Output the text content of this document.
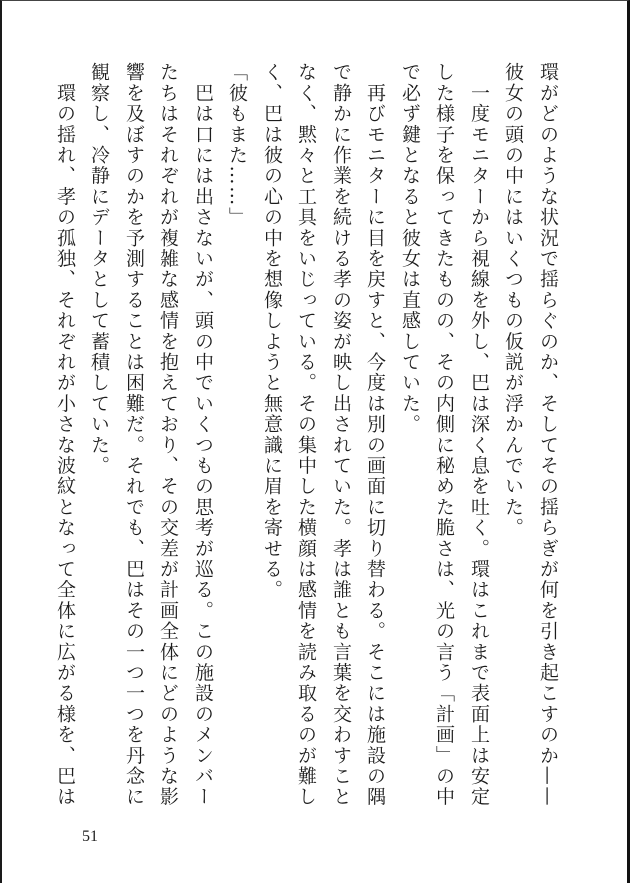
環がどのような状況で揺らぐのか、そしてその揺らぎが何を引き起こすのか——
彼女の頭の中にはいくつもの仮説が浮かんでいた。
　一度モニターから視線を外し、巴は深く息を吐く。環はこれまで表面上は安定
した様子を保ってきたものの、その内側に秘めた脆さは、光の言う「計画」の中
で必ず鍵となると彼女は直感していた。
　再びモニターに目を戻すと、今度は別の画面に切り替わる。そこには施設の隅
で静かに作業を続ける孝の姿が映し出されていた。孝は誰とも言葉を交わすこと
なく、黙々と工具をいじっている。その集中した横顔は感情を読み取るのが難し
く、巴は彼の心の中を想像しようと無意識に眉を寄せる。
「彼もまた……」
　巴は口には出さないが、頭の中でいくつもの思考が巡る。この施設のメンバー
たちはそれぞれが複雑な感情を抱えており、その交差が計画全体にどのような影
響を及ぼすのかを予測することは困難だ。それでも、巴はその一つ一つを丹念に
観察し、冷静にデータとして蓄積していた。
　環の揺れ、孝の孤独、それぞれが小さな波紋となって全体に広がる様を、巴は
51
